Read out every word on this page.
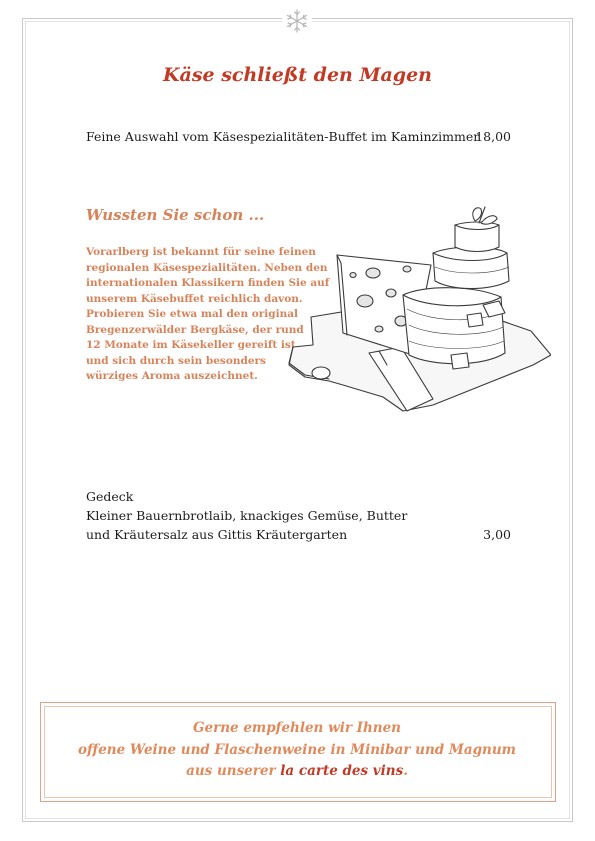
Käse schließt den Magen
Feine Auswahl vom Käsespezialitäten-Buffet im Kaminzimmer
18,00
Wussten Sie schon ...
Vorarlberg ist bekannt für seine feinen
regionalen Käsespezialitäten. Neben den
internationalen Klassikern finden Sie auf
unserem Käsebuffet reichlich davon.
Probieren Sie etwa mal den original
Bregenzerwälder Bergkäse, der rund
12 Monate im Käsekeller gereift ist
und sich durch sein besonders
würziges Aroma auszeichnet.
Gedeck
Kleiner Bauernbrotlaib, knackiges Gemüse, Butter
und Kräutersalz aus Gittis Kräutergarten	3,00
Gerne empfehlen wir Ihnen
offene Weine und Flaschenweine in Minibar und Magnum
aus unserer la carte des vins.
